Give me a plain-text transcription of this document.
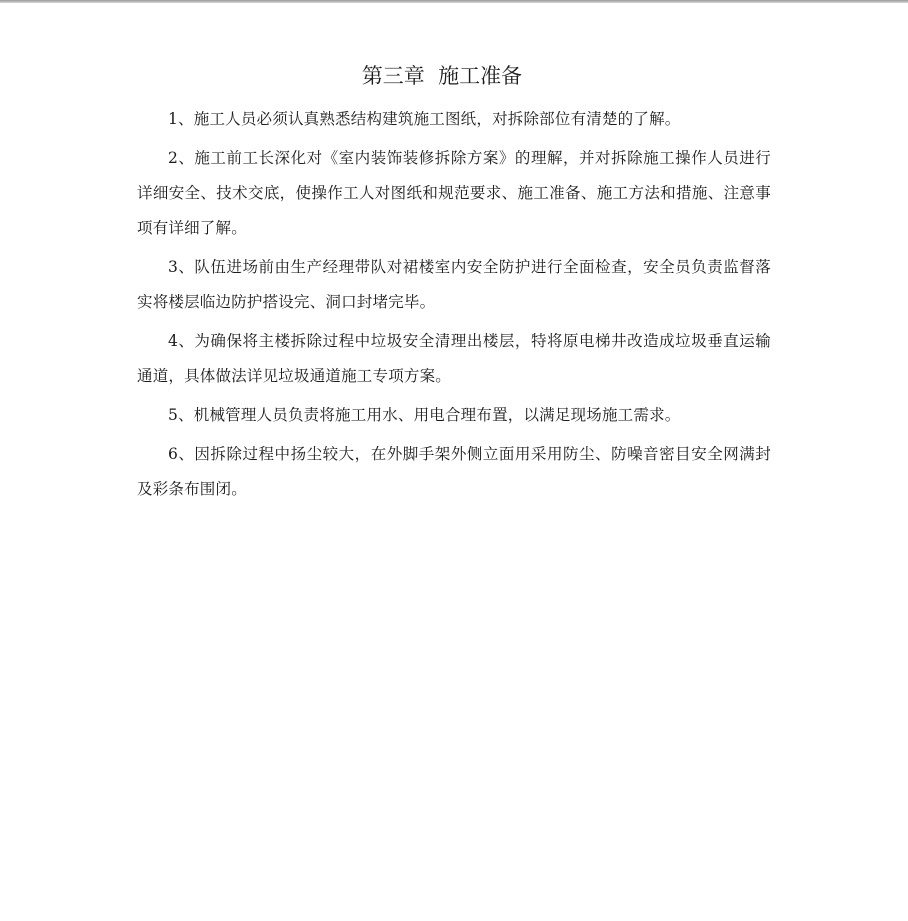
第三章  施工准备

1、施工人员必须认真熟悉结构建筑施工图纸，对拆除部位有清楚的了解。

2、施工前工长深化对《室内装饰装修拆除方案》的理解，并对拆除施工操作人员进行详细安全、技术交底，使操作工人对图纸和规范要求、施工准备、施工方法和措施、注意事项有详细了解。

3、队伍进场前由生产经理带队对裙楼室内安全防护进行全面检查，安全员负责监督落实将楼层临边防护搭设完、洞口封堵完毕。

4、为确保将主楼拆除过程中垃圾安全清理出楼层，特将原电梯井改造成垃圾垂直运输通道，具体做法详见垃圾通道施工专项方案。

5、机械管理人员负责将施工用水、用电合理布置，以满足现场施工需求。

6、因拆除过程中扬尘较大，在外脚手架外侧立面用采用防尘、防噪音密目安全网满封及彩条布围闭。
